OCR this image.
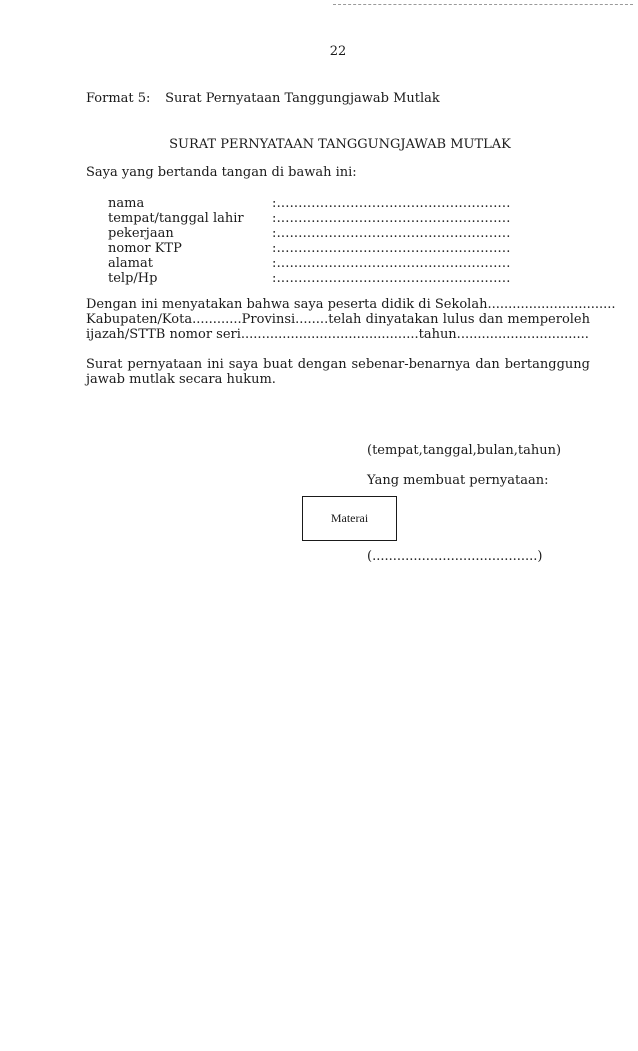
22
Format 5: Surat Pernyataan Tanggungjawab Mutlak
SURAT PERNYATAAN TANGGUNGJAWAB MUTLAK
Saya yang bertanda tangan di bawah ini:
nama	:......................................................
tempat/tanggal lahir	:......................................................
pekerjaan	:......................................................
nomor KTP	:......................................................
alamat	:......................................................
telp/Hp	:......................................................
Dengan ini menyatakan bahwa saya peserta didik di Sekolah...............................
Kabupaten/Kota............Provinsi........telah dinyatakan lulus dan memperoleh
ijazah/STTB nomor seri...........................................tahun................................
Surat pernyataan ini saya buat dengan sebenar-benarnya dan bertanggung jawab mutlak secara hukum.
(tempat,tanggal,bulan,tahun)
Yang membuat pernyataan:
Materai
(........................................)
